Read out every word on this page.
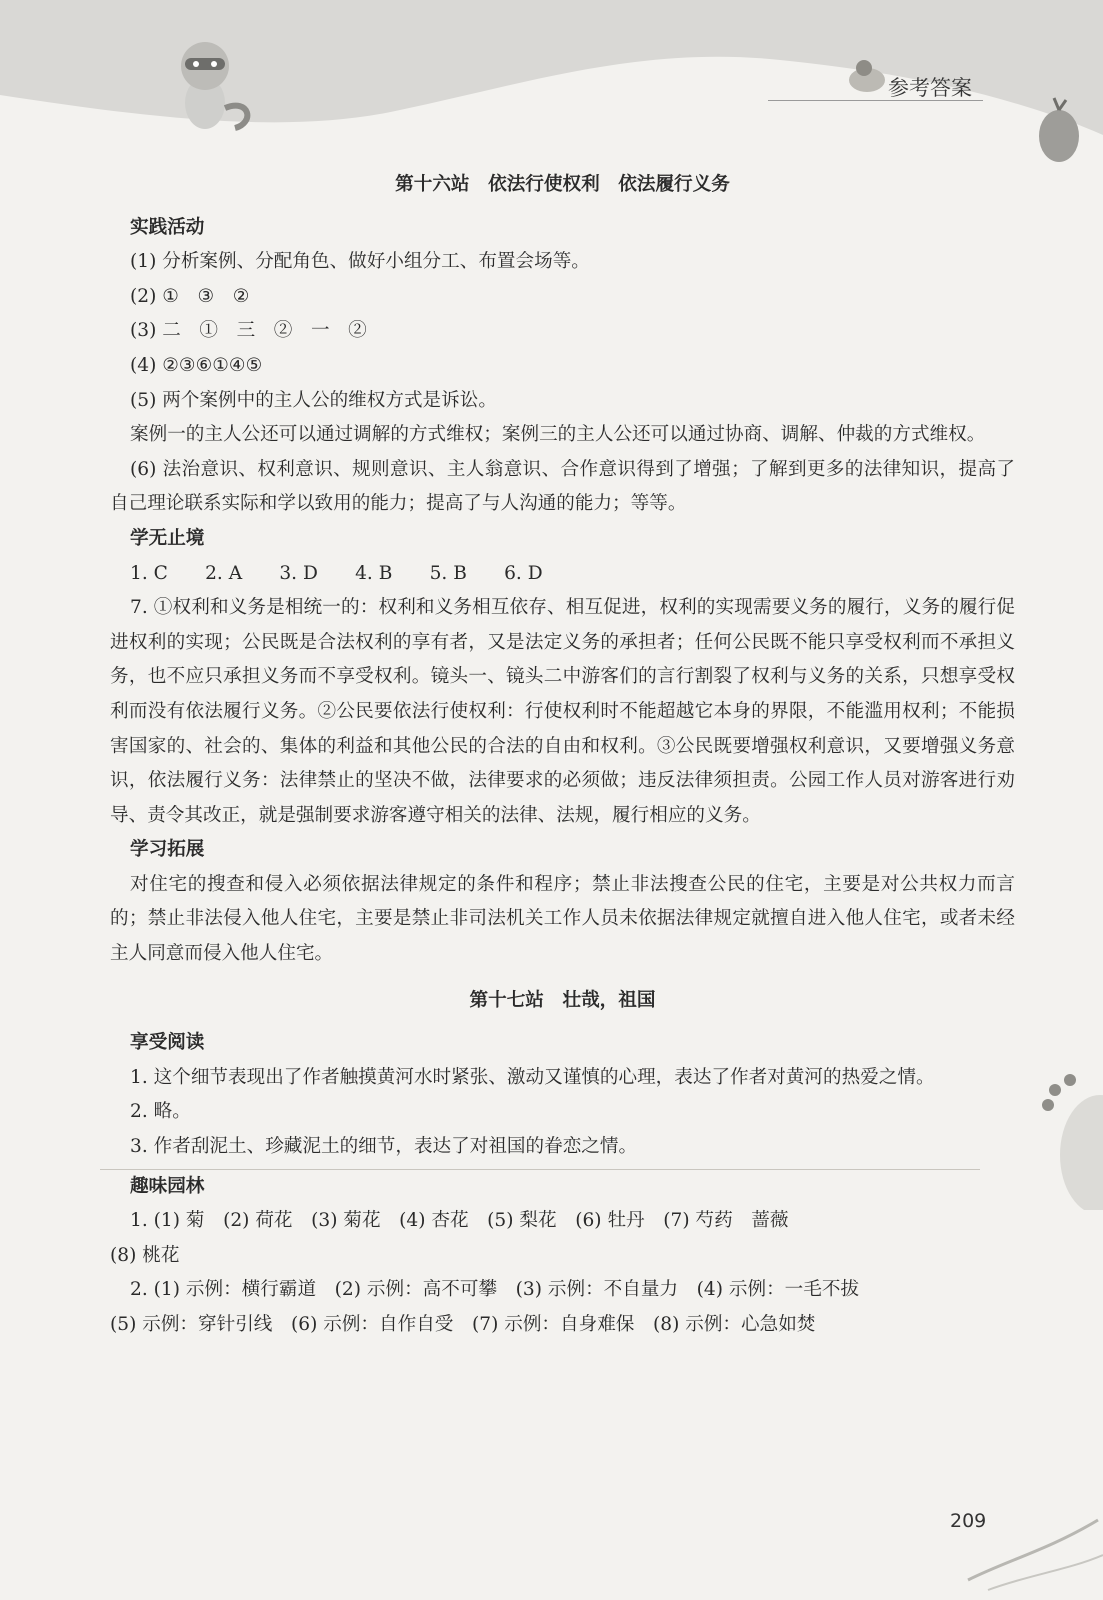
参考答案
第十六站　依法行使权利　依法履行义务
实践活动
(1) 分析案例、分配角色、做好小组分工、布置会场等。
(2) ①　③　②
(3) 二　①　三　②　一　②
(4) ②③⑥①④⑤
(5) 两个案例中的主人公的维权方式是诉讼。
案例一的主人公还可以通过调解的方式维权；案例三的主人公还可以通过协商、调解、仲裁的方式维权。
(6) 法治意识、权利意识、规则意识、主人翁意识、合作意识得到了增强；了解到更多的法律知识，提高了自己理论联系实际和学以致用的能力；提高了与人沟通的能力；等等。
学无止境
1. C　　2. A　　3. D　　4. B　　5. B　　6. D
7. ①权利和义务是相统一的：权利和义务相互依存、相互促进，权利的实现需要义务的履行，义务的履行促进权利的实现；公民既是合法权利的享有者，又是法定义务的承担者；任何公民既不能只享受权利而不承担义务，也不应只承担义务而不享受权利。镜头一、镜头二中游客们的言行割裂了权利与义务的关系，只想享受权利而没有依法履行义务。②公民要依法行使权利：行使权利时不能超越它本身的界限，不能滥用权利；不能损害国家的、社会的、集体的利益和其他公民的合法的自由和权利。③公民既要增强权利意识，又要增强义务意识，依法履行义务：法律禁止的坚决不做，法律要求的必须做；违反法律须担责。公园工作人员对游客进行劝导、责令其改正，就是强制要求游客遵守相关的法律、法规，履行相应的义务。
学习拓展
对住宅的搜查和侵入必须依据法律规定的条件和程序；禁止非法搜查公民的住宅，主要是对公共权力而言的；禁止非法侵入他人住宅，主要是禁止非司法机关工作人员未依据法律规定就擅自进入他人住宅，或者未经主人同意而侵入他人住宅。
第十七站　壮哉，祖国
享受阅读
1. 这个细节表现出了作者触摸黄河水时紧张、激动又谨慎的心理，表达了作者对黄河的热爱之情。
2. 略。
3. 作者刮泥土、珍藏泥土的细节，表达了对祖国的眷恋之情。
趣味园林
1. (1) 菊　(2) 荷花　(3) 菊花　(4) 杏花　(5) 梨花　(6) 牡丹　(7) 芍药　蔷薇
(8) 桃花
2. (1) 示例：横行霸道　(2) 示例：高不可攀　(3) 示例：不自量力　(4) 示例：一毛不拔
(5) 示例：穿针引线　(6) 示例：自作自受　(7) 示例：自身难保　(8) 示例：心急如焚
209
